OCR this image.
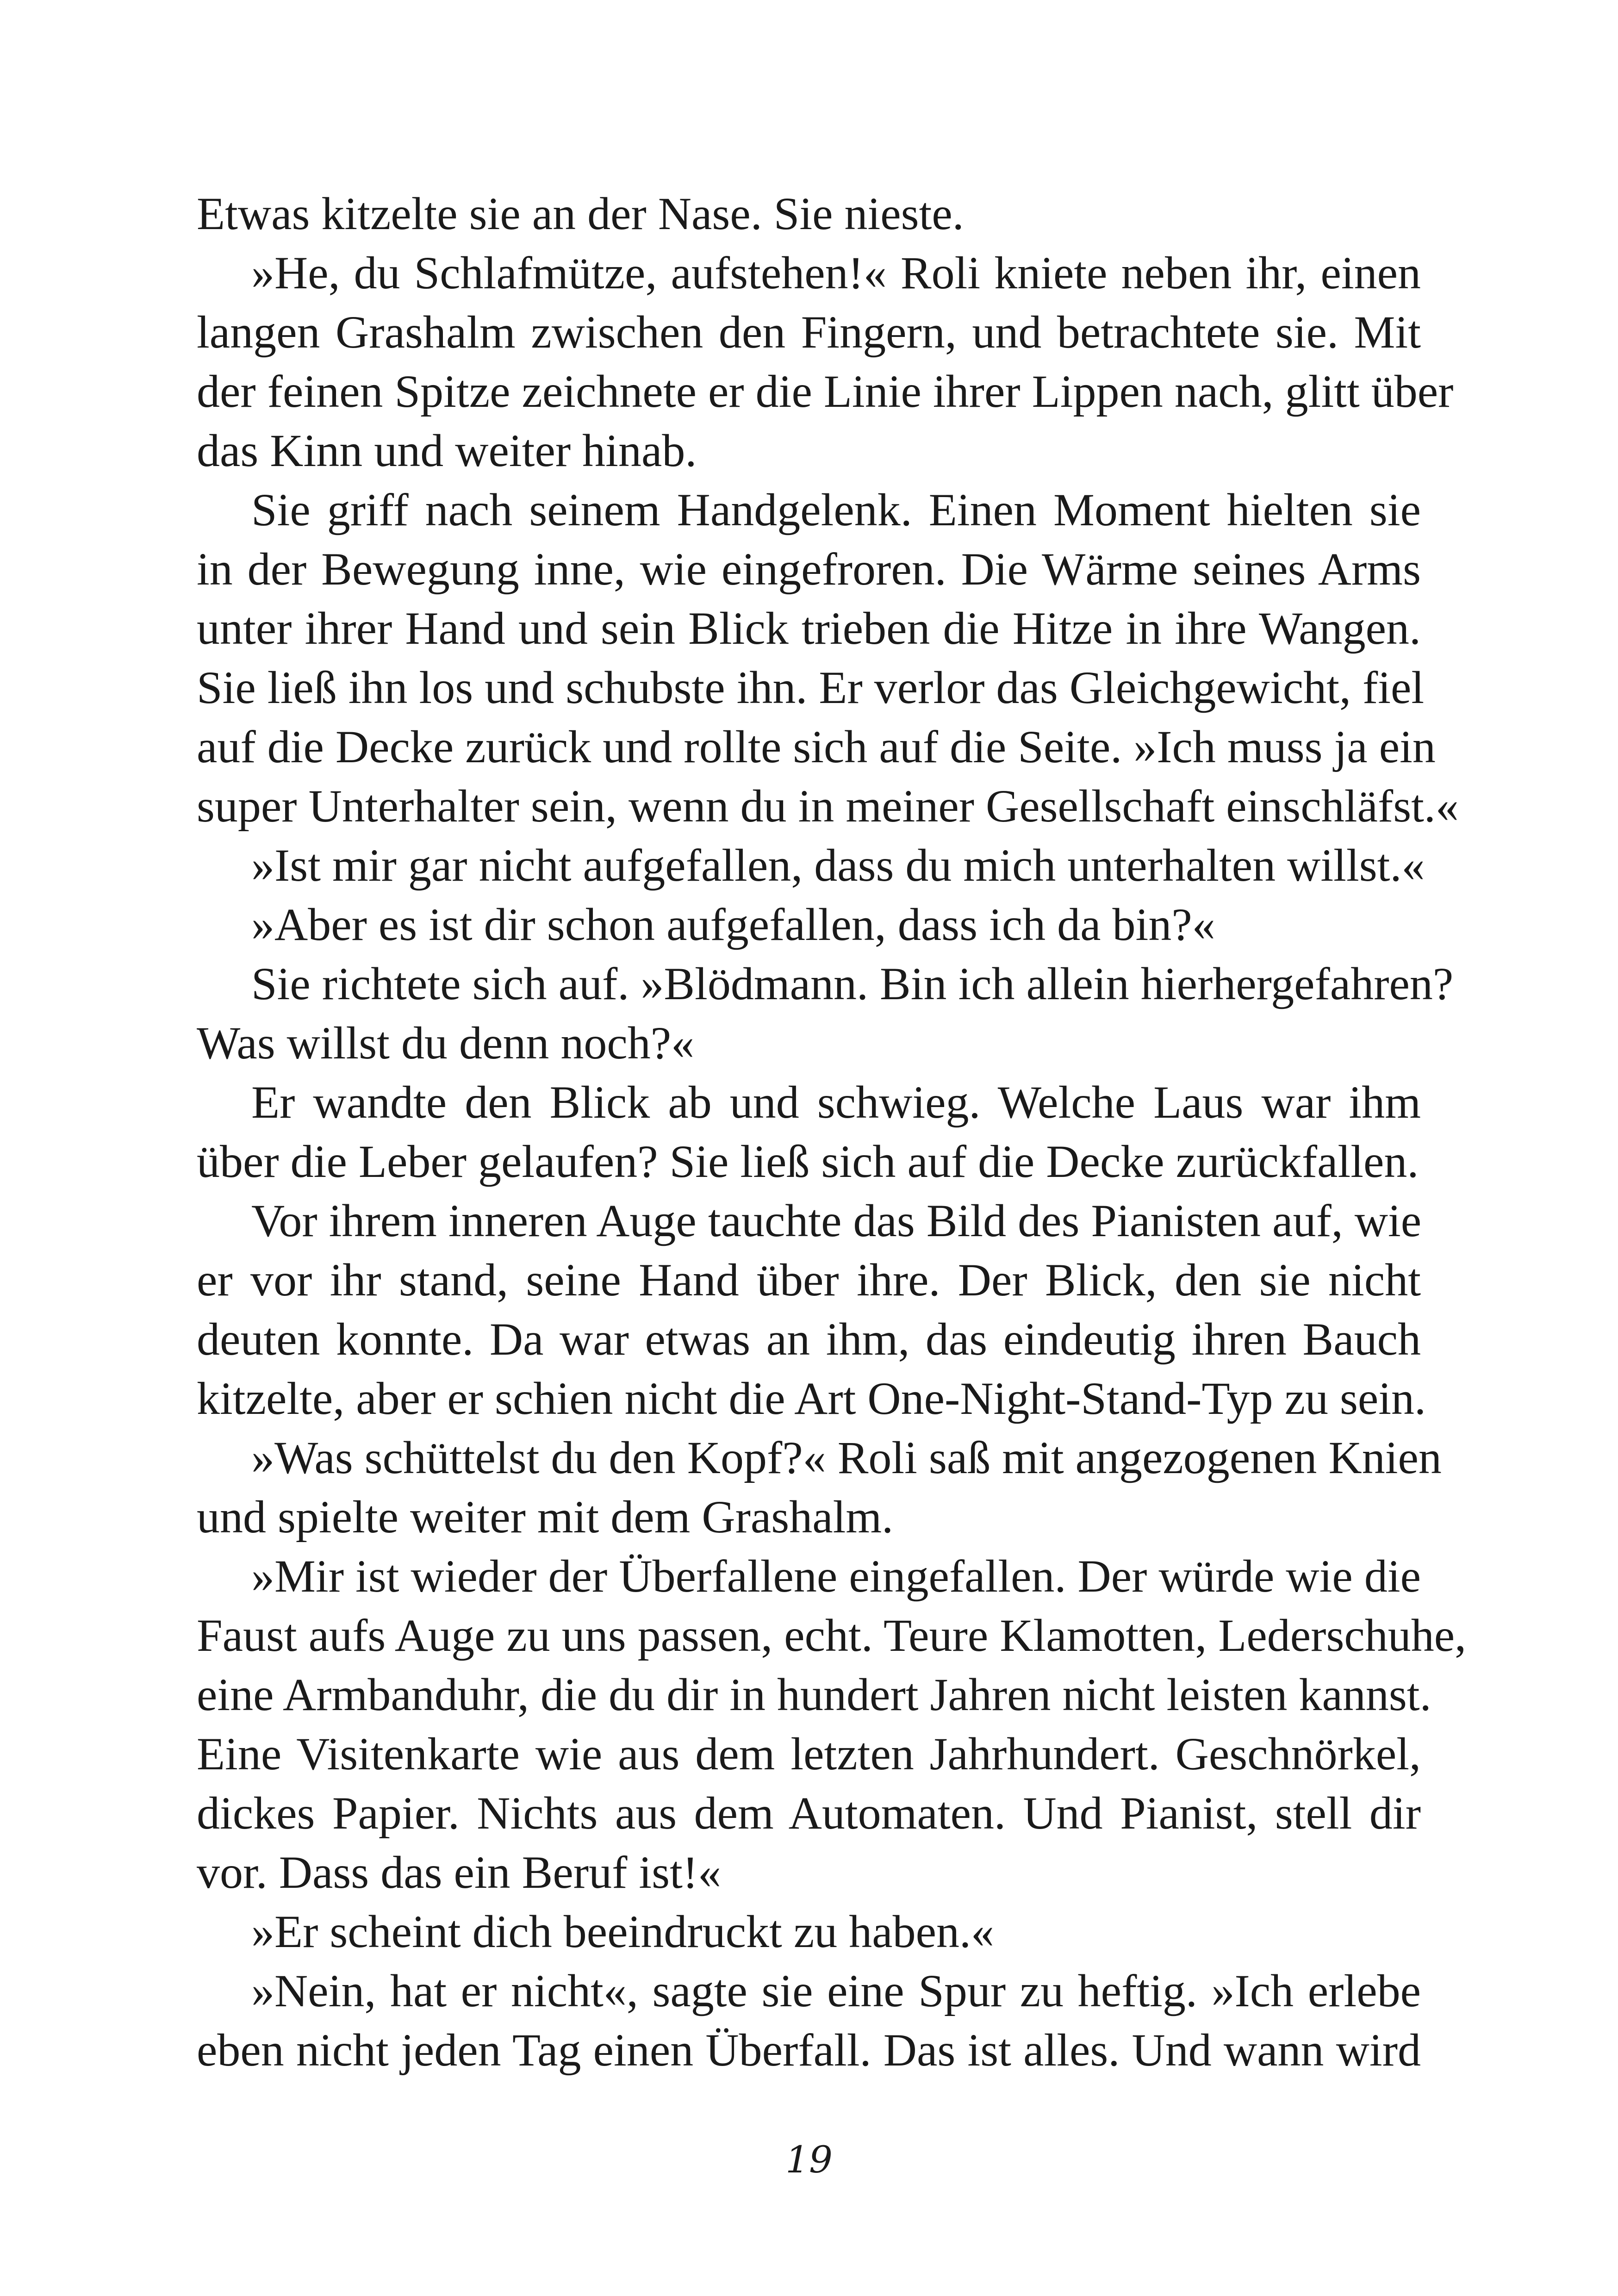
Etwas kitzelte sie an der Nase. Sie nieste.
»He, du Schlafmütze, aufstehen!« Roli kniete neben ihr, einen
langen Grashalm zwischen den Fingern, und betrachtete sie. Mit
der feinen Spitze zeichnete er die Linie ihrer Lippen nach, glitt über
das Kinn und weiter hinab.
Sie griff nach seinem Handgelenk. Einen Moment hielten sie
in der Bewegung inne, wie eingefroren. Die Wärme seines Arms
unter ihrer Hand und sein Blick trieben die Hitze in ihre Wangen.
Sie ließ ihn los und schubste ihn. Er verlor das Gleichgewicht, fiel
auf die Decke zurück und rollte sich auf die Seite. »Ich muss ja ein
super Unterhalter sein, wenn du in meiner Gesellschaft einschläfst.«
»Ist mir gar nicht aufgefallen, dass du mich unterhalten willst.«
»Aber es ist dir schon aufgefallen, dass ich da bin?«
Sie richtete sich auf. »Blödmann. Bin ich allein hierhergefahren?
Was willst du denn noch?«
Er wandte den Blick ab und schwieg. Welche Laus war ihm
über die Leber gelaufen? Sie ließ sich auf die Decke zurückfallen.
Vor ihrem inneren Auge tauchte das Bild des Pianisten auf, wie
er vor ihr stand, seine Hand über ihre. Der Blick, den sie nicht
deuten konnte. Da war etwas an ihm, das eindeutig ihren Bauch
kitzelte, aber er schien nicht die Art One-Night-Stand-Typ zu sein.
»Was schüttelst du den Kopf?« Roli saß mit angezogenen Knien
und spielte weiter mit dem Grashalm.
»Mir ist wieder der Überfallene eingefallen. Der würde wie die
Faust aufs Auge zu uns passen, echt. Teure Klamotten, Lederschuhe,
eine Armbanduhr, die du dir in hundert Jahren nicht leisten kannst.
Eine Visitenkarte wie aus dem letzten Jahrhundert. Geschnörkel,
dickes Papier. Nichts aus dem Automaten. Und Pianist, stell dir
vor. Dass das ein Beruf ist!«
»Er scheint dich beeindruckt zu haben.«
»Nein, hat er nicht«, sagte sie eine Spur zu heftig. »Ich erlebe
eben nicht jeden Tag einen Überfall. Das ist alles. Und wann wird
19
